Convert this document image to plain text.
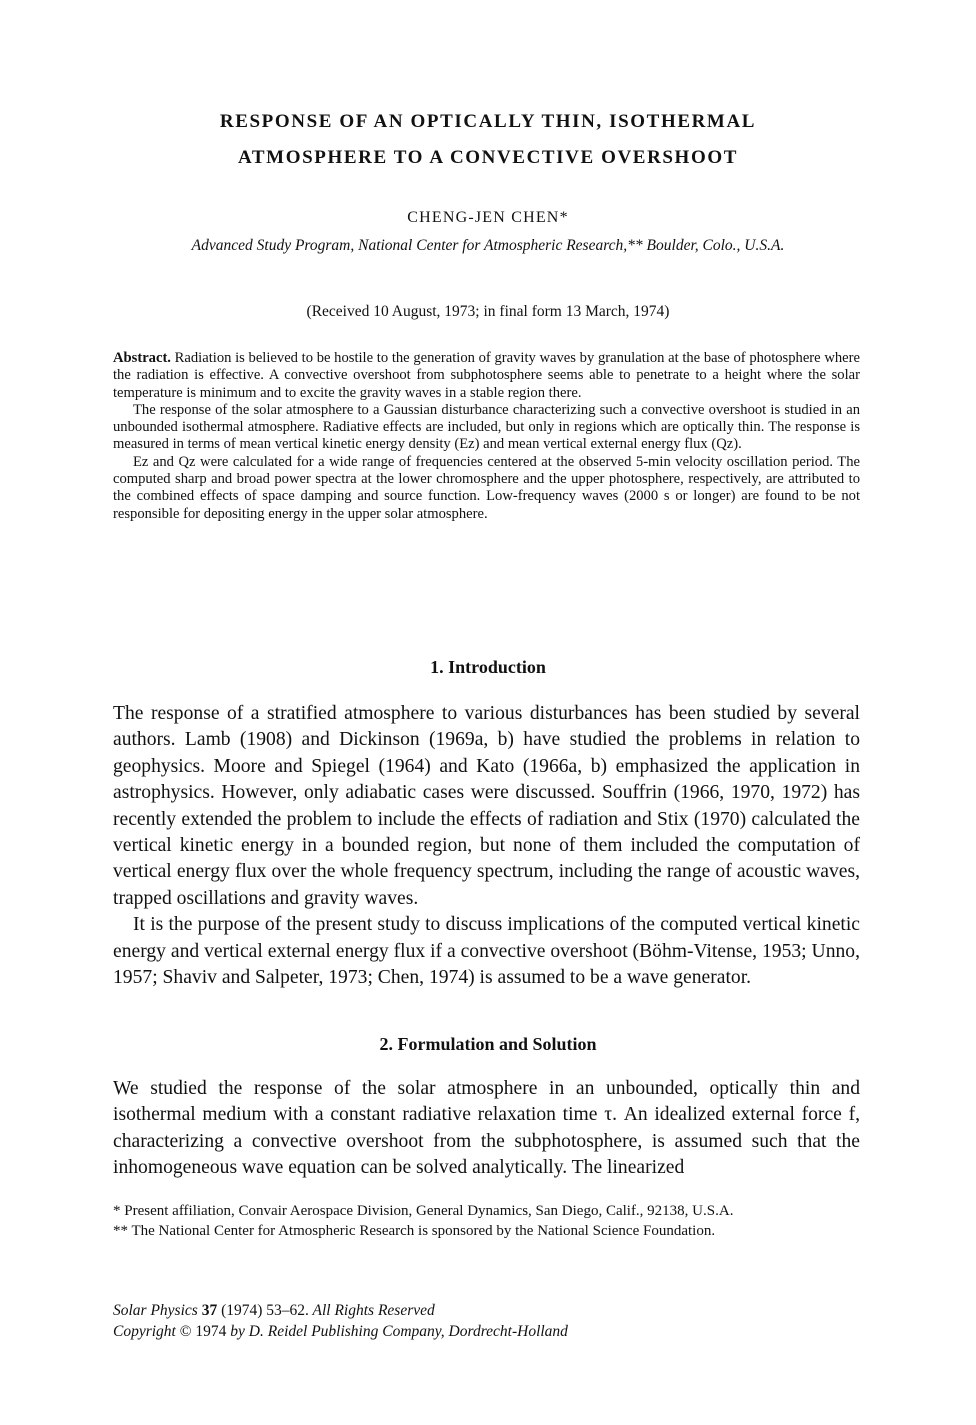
RESPONSE OF AN OPTICALLY THIN, ISOTHERMAL
ATMOSPHERE TO A CONVECTIVE OVERSHOOT
CHENG-JEN CHEN*
Advanced Study Program, National Center for Atmospheric Research,** Boulder, Colo., U.S.A.
(Received 10 August, 1973; in final form 13 March, 1974)

Abstract. Radiation is believed to be hostile to the generation of gravity waves by granulation at the base of photosphere where the radiation is effective. A convective overshoot from subphotosphere seems able to penetrate to a height where the solar temperature is minimum and to excite the gravity waves in a stable region there.

The response of the solar atmosphere to a Gaussian disturbance characterizing such a convective overshoot is studied in an unbounded isothermal atmosphere. Radiative effects are included, but only in regions which are optically thin. The response is measured in terms of mean vertical kinetic energy density (Ez) and mean vertical external energy flux (Qz).

Ez and Qz were calculated for a wide range of frequencies centered at the observed 5-min velocity oscillation period. The computed sharp and broad power spectra at the lower chromosphere and the upper photosphere, respectively, are attributed to the combined effects of space damping and source function. Low-frequency waves (2000 s or longer) are found to be not responsible for depositing energy in the upper solar atmosphere.

1. Introduction

The response of a stratified atmosphere to various disturbances has been studied by several authors. Lamb (1908) and Dickinson (1969a, b) have studied the problems in relation to geophysics. Moore and Spiegel (1964) and Kato (1966a, b) emphasized the application in astrophysics. However, only adiabatic cases were discussed. Souffrin (1966, 1970, 1972) has recently extended the problem to include the effects of radiation and Stix (1970) calculated the vertical kinetic energy in a bounded region, but none of them included the computation of vertical energy flux over the whole frequency spectrum, including the range of acoustic waves, trapped oscillations and gravity waves.

It is the purpose of the present study to discuss implications of the computed vertical kinetic energy and vertical external energy flux if a convective overshoot (Böhm-Vitense, 1953; Unno, 1957; Shaviv and Salpeter, 1973; Chen, 1974) is assumed to be a wave generator.

2. Formulation and Solution

We studied the response of the solar atmosphere in an unbounded, optically thin and isothermal medium with a constant radiative relaxation time τ. An idealized external force f, characterizing a convective overshoot from the subphotosphere, is assumed such that the inhomogeneous wave equation can be solved analytically. The linearized

* Present affiliation, Convair Aerospace Division, General Dynamics, San Diego, Calif., 92138, U.S.A.

** The National Center for Atmospheric Research is sponsored by the National Science Foundation.

Solar Physics 37 (1974) 53–62. All Rights Reserved
Copyright © 1974 by D. Reidel Publishing Company, Dordrecht-Holland
